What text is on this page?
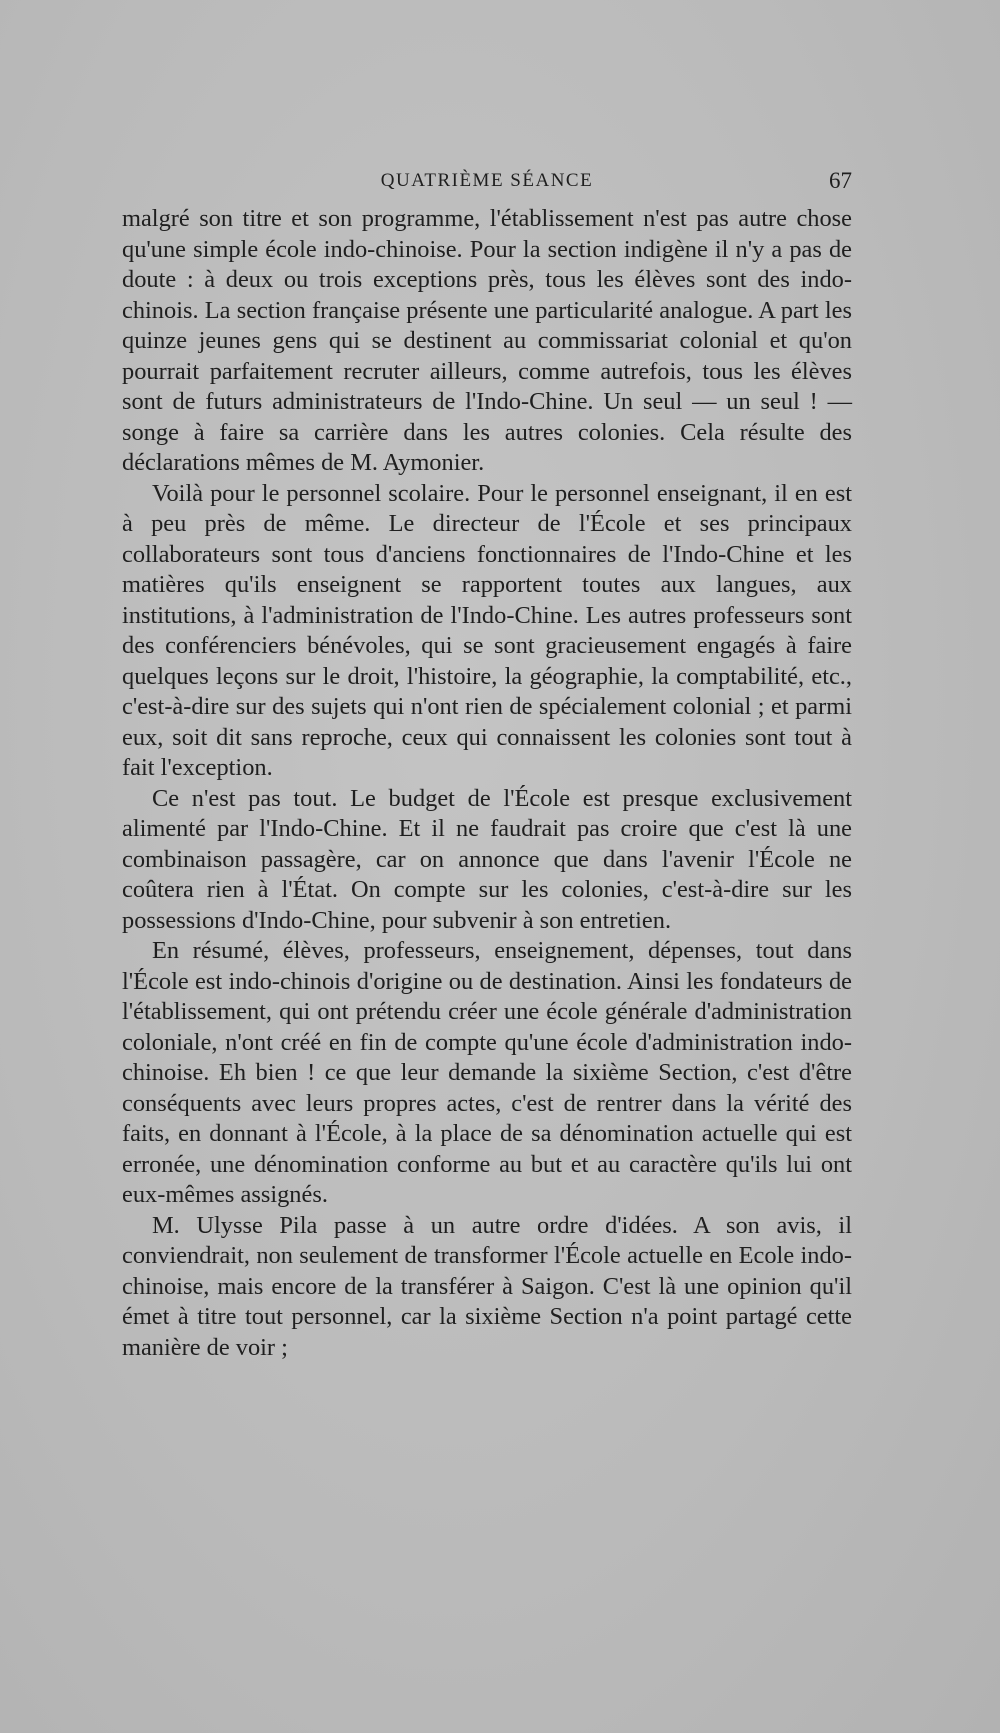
QUATRIÈME SÉANCE	67

malgré son titre et son programme, l'établissement n'est pas autre chose qu'une simple école indo-chinoise. Pour la section indigène il n'y a pas de doute : à deux ou trois exceptions près, tous les élèves sont des indo-chinois. La section française présente une particularité analogue. A part les quinze jeunes gens qui se destinent au commissariat colonial et qu'on pourrait parfaitement recruter ailleurs, comme autrefois, tous les élèves sont de futurs administrateurs de l'Indo-Chine. Un seul — un seul ! — songe à faire sa carrière dans les autres colonies. Cela résulte des déclarations mêmes de M. Aymonier.

Voilà pour le personnel scolaire. Pour le personnel enseignant, il en est à peu près de même. Le directeur de l'École et ses principaux collaborateurs sont tous d'anciens fonctionnaires de l'Indo-Chine et les matières qu'ils enseignent se rapportent toutes aux langues, aux institutions, à l'administration de l'Indo-Chine. Les autres professeurs sont des conférenciers bénévoles, qui se sont gracieusement engagés à faire quelques leçons sur le droit, l'histoire, la géographie, la comptabilité, etc., c'est-à-dire sur des sujets qui n'ont rien de spécialement colonial ; et parmi eux, soit dit sans reproche, ceux qui connaissent les colonies sont tout à fait l'exception.

Ce n'est pas tout. Le budget de l'École est presque exclusivement alimenté par l'Indo-Chine. Et il ne faudrait pas croire que c'est là une combinaison passagère, car on annonce que dans l'avenir l'École ne coûtera rien à l'État. On compte sur les colonies, c'est-à-dire sur les possessions d'Indo-Chine, pour subvenir à son entretien.

En résumé, élèves, professeurs, enseignement, dépenses, tout dans l'École est indo-chinois d'origine ou de destination. Ainsi les fondateurs de l'établissement, qui ont prétendu créer une école générale d'administration coloniale, n'ont créé en fin de compte qu'une école d'administration indo-chinoise. Eh bien ! ce que leur demande la sixième Section, c'est d'être conséquents avec leurs propres actes, c'est de rentrer dans la vérité des faits, en donnant à l'École, à la place de sa dénomination actuelle qui est erronée, une dénomination conforme au but et au caractère qu'ils lui ont eux-mêmes assignés.

M. Ulysse Pila passe à un autre ordre d'idées. A son avis, il conviendrait, non seulement de transformer l'École actuelle en Ecole indo-chinoise, mais encore de la transférer à Saigon. C'est là une opinion qu'il émet à titre tout personnel, car la sixième Section n'a point partagé cette manière de voir ;
